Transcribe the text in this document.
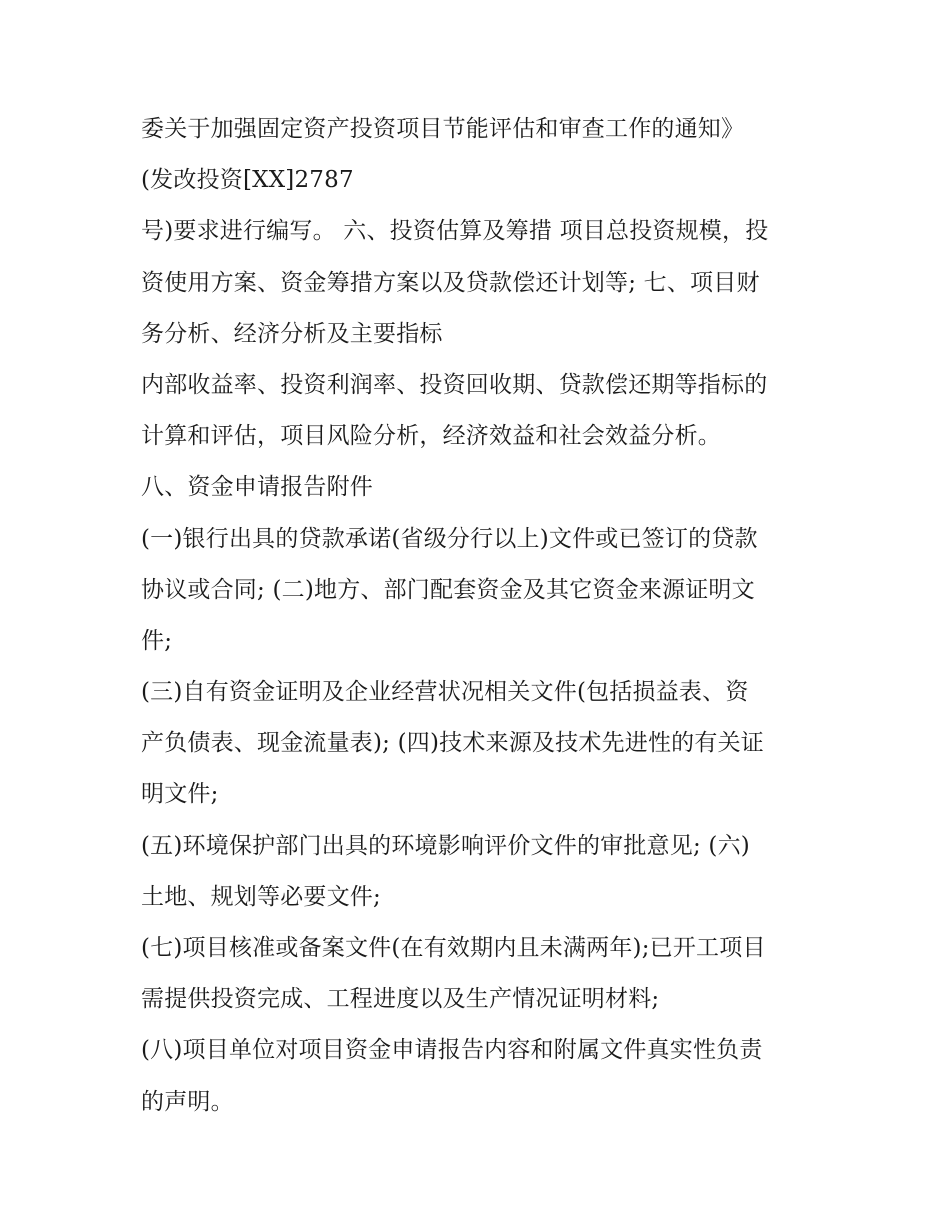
委关于加强固定资产投资项目节能评估和审查工作的通知》
(发改投资[XX]2787
号)要求进行编写。 六、投资估算及筹措 项目总投资规模，投
资使用方案、资金筹措方案以及贷款偿还计划等; 七、项目财
务分析、经济分析及主要指标
内部收益率、投资利润率、投资回收期、贷款偿还期等指标的
计算和评估，项目风险分析，经济效益和社会效益分析。
八、资金申请报告附件
(一)银行出具的贷款承诺(省级分行以上)文件或已签订的贷款
协议或合同; (二)地方、部门配套资金及其它资金来源证明文
件;
(三)自有资金证明及企业经营状况相关文件(包括损益表、资
产负债表、现金流量表); (四)技术来源及技术先进性的有关证
明文件;
(五)环境保护部门出具的环境影响评价文件的审批意见; (六)
土地、规划等必要文件;
(七)项目核准或备案文件(在有效期内且未满两年);已开工项目
需提供投资完成、工程进度以及生产情况证明材料;
(八)项目单位对项目资金申请报告内容和附属文件真实性负责
的声明。
